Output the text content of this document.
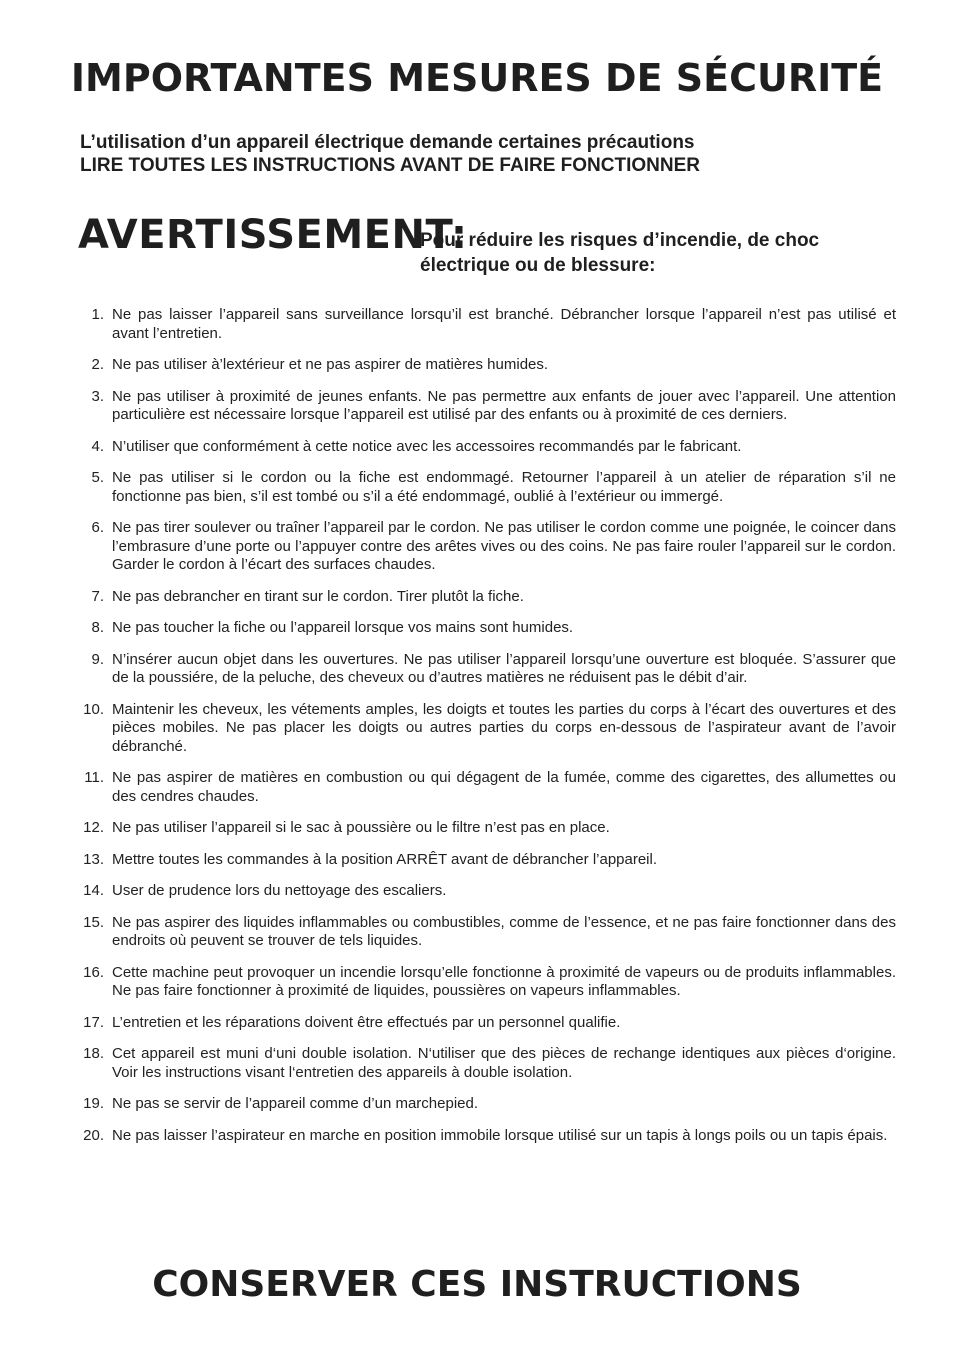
IMPORTANTES MESURES DE SÉCURITÉ
L’utilisation d’un appareil électrique demande certaines précautions
LIRE TOUTES LES INSTRUCTIONS AVANT DE FAIRE FONCTIONNER
AVERTISSEMENT:
Pour réduire les risques d’incendie, de choc
électrique ou de blessure:
1. Ne pas laisser l’appareil sans surveillance lorsqu’il est branché. Débrancher lorsque l’appareil n’est pas utilisé et avant l’entretien.
2. Ne pas utiliser à’lextérieur et ne pas aspirer de matières humides.
3. Ne pas utiliser à proximité de jeunes enfants. Ne pas permettre aux enfants de jouer avec l’appareil. Une attention particulière est nécessaire lorsque l’appareil est utilisé par des enfants ou à proximité de ces derniers.
4. N’utiliser que conformément à cette notice avec les accessoires recommandés par le fabricant.
5. Ne pas utiliser si le cordon ou la fiche est endommagé. Retourner l’appareil à un atelier de réparation s’il ne fonctionne pas bien, s’il est tombé ou s’il a été endommagé, oublié à l’extérieur ou immergé.
6. Ne pas tirer soulever ou traîner l’appareil par le cordon. Ne pas utiliser le cordon comme une poignée, le coincer dans l’embrasure d’une porte ou l’appuyer contre des arêtes vives ou des coins. Ne pas faire rouler l’appareil sur le cordon. Garder le cordon à l’écart des surfaces chaudes.
7. Ne pas debrancher en tirant sur le cordon. Tirer plutôt la fiche.
8. Ne pas toucher la fiche ou l’appareil lorsque vos mains sont humides.
9. N’insérer aucun objet dans les ouvertures. Ne pas utiliser l’appareil lorsqu’une ouverture est bloquée. S’assurer que de la poussiére, de la peluche, des cheveux ou d’autres matières ne réduisent pas le débit d’air.
10. Maintenir les cheveux, les vétements amples, les doigts et toutes les parties du corps à l’écart des ouvertures et des pièces mobiles. Ne pas placer les doigts ou autres parties du corps en-dessous de l’aspirateur avant de l’avoir débranché.
11. Ne pas aspirer de matières en combustion ou qui dégagent de la fumée, comme des cigarettes, des allumettes ou des cendres chaudes.
12. Ne pas utiliser l’appareil si le sac à poussière ou le filtre n’est pas en place.
13. Mettre toutes les commandes à la position ARRÊT avant de débrancher l’appareil.
14. User de prudence lors du nettoyage des escaliers.
15. Ne pas aspirer des liquides inflammables ou combustibles, comme de l’essence, et ne pas faire fonctionner dans des endroits où peuvent se trouver de tels liquides.
16. Cette machine peut provoquer un incendie lorsqu’elle fonctionne à proximité de vapeurs ou de produits inflammables. Ne pas faire fonctionner à proximité de liquides, poussières on vapeurs inflammables.
17. L’entretien et les réparations doivent être effectués par un personnel qualifie.
18. Cet appareil est muni d‘uni double isolation. N‘utiliser que des pièces de rechange identiques aux pièces d‘origine. Voir les instructions visant l‘entretien des appareils à double isolation.
19. Ne pas se servir de l’appareil comme d’un marchepied.
20. Ne pas laisser l’aspirateur en marche en position immobile lorsque utilisé sur un tapis à longs poils ou un tapis épais.
CONSERVER CES INSTRUCTIONS
